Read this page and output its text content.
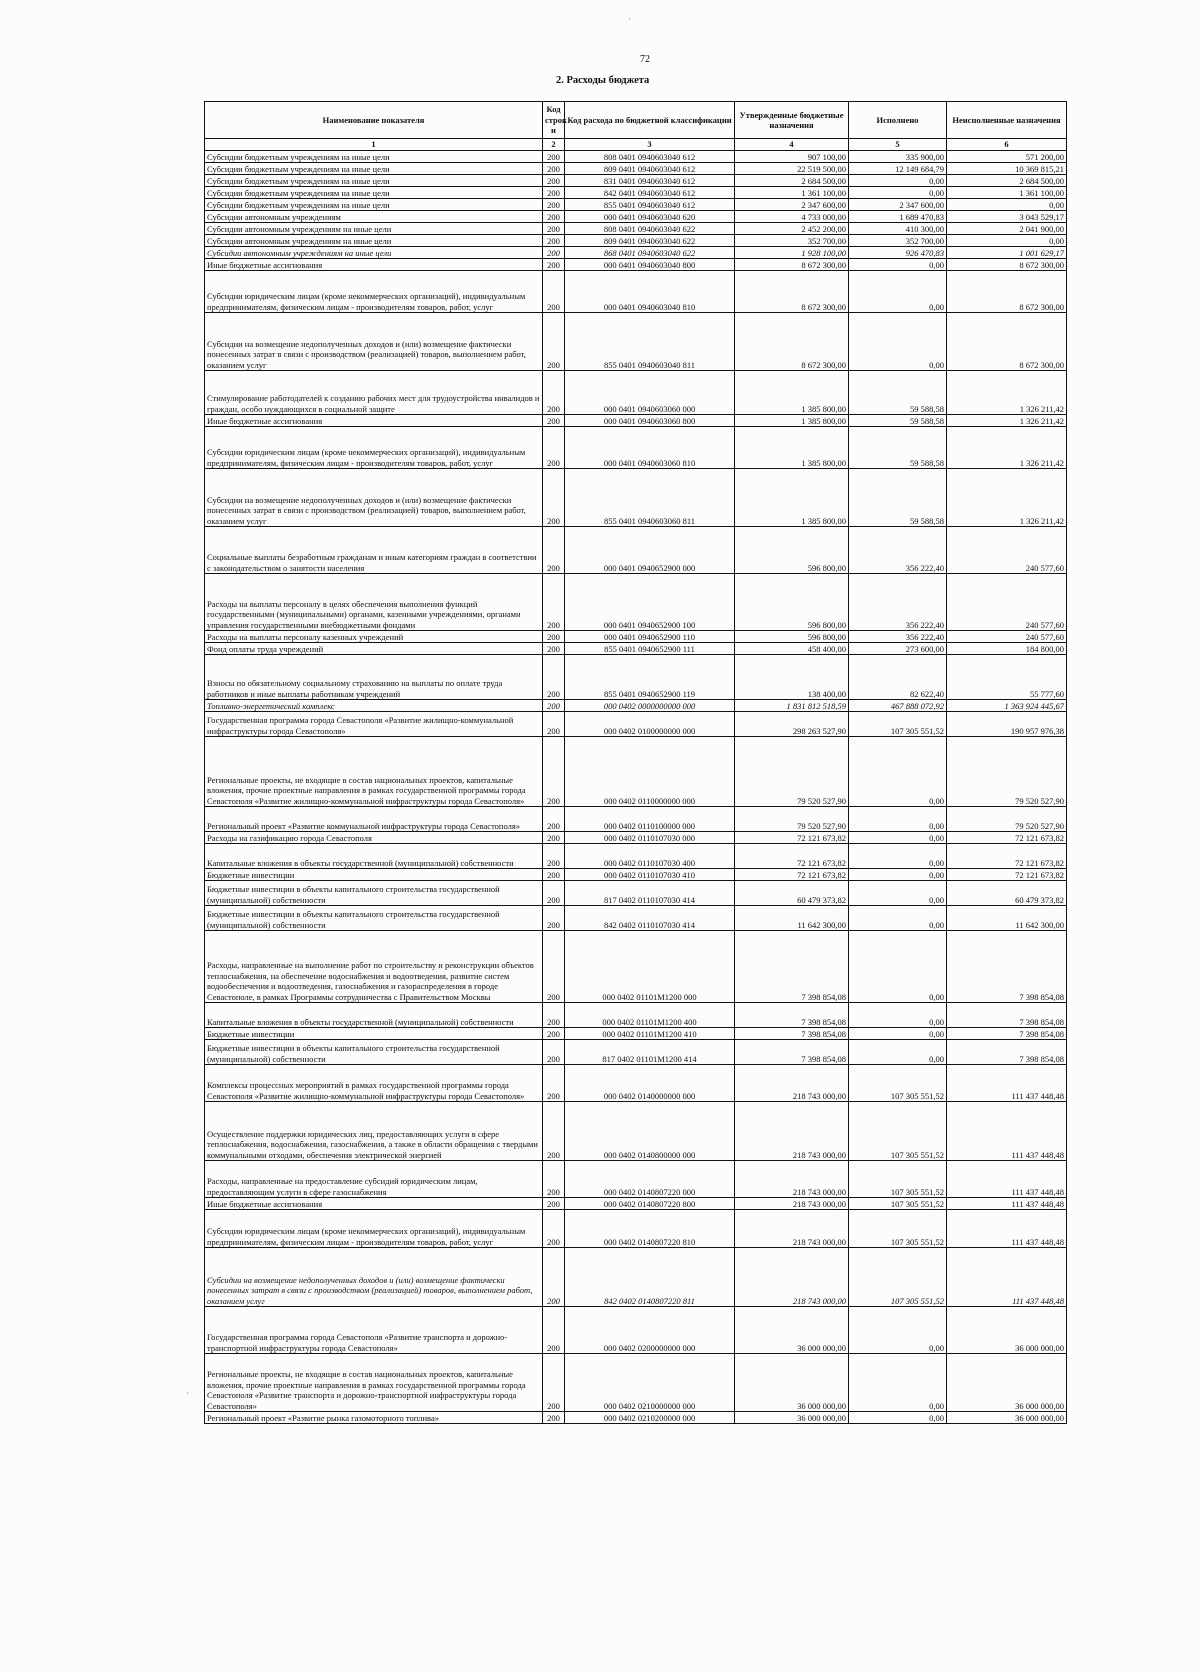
72
2. Расходы бюджета
Наименование показателя	Код строк и	Код расхода по бюджетной классификации	Утвержденные бюджетные назначения	Исполнено	Неисполненные назначения
1	2	3	4	5	6
Субсидии бюджетным учреждениям на иные цели	200	808 0401 0940603040 612	907 100,00	335 900,00	571 200,00
Субсидии бюджетным учреждениям на иные цели	200	809 0401 0940603040 612	22 519 500,00	12 149 684,79	10 369 815,21
Субсидии бюджетным учреждениям на иные цели	200	831 0401 0940603040 612	2 684 500,00	0,00	2 684 500,00
Субсидии бюджетным учреждениям на иные цели	200	842 0401 0940603040 612	1 361 100,00	0,00	1 361 100,00
Субсидии бюджетным учреждениям на иные цели	200	855 0401 0940603040 612	2 347 600,00	2 347 600,00	0,00
Субсидии автономным учреждениям	200	000 0401 0940603040 620	4 733 000,00	1 689 470,83	3 043 529,17
Субсидии автономным учреждениям на иные цели	200	808 0401 0940603040 622	2 452 200,00	410 300,00	2 041 900,00
Субсидии автономным учреждениям на иные цели	200	809 0401 0940603040 622	352 700,00	352 700,00	0,00
Субсидии автономным учреждениям на иные цели	200	868 0401 0940603040 622	1 928 100,00	926 470,83	1 001 629,17
Иные бюджетные ассигнования	200	000 0401 0940603040 800	8 672 300,00	0,00	8 672 300,00
Субсидии юридическим лицам (кроме некоммерческих организаций), индивидуальным предпринимателям, физическим лицам - производителям товаров, работ, услуг	200	000 0401 0940603040 810	8 672 300,00	0,00	8 672 300,00
Субсидии на возмещение недополученных доходов и (или) возмещение фактически понесенных затрат в связи с производством (реализацией) товаров, выполнением работ, оказанием услуг	200	855 0401 0940603040 811	8 672 300,00	0,00	8 672 300,00
Стимулирование работодателей к созданию рабочих мест для трудоустройства инвалидов и граждан, особо нуждающихся в социальной защите	200	000 0401 0940603060 000	1 385 800,00	59 588,58	1 326 211,42
Иные бюджетные ассигнования	200	000 0401 0940603060 800	1 385 800,00	59 588,58	1 326 211,42
Субсидии юридическим лицам (кроме некоммерческих организаций), индивидуальным предпринимателям, физическим лицам - производителям товаров, работ, услуг	200	000 0401 0940603060 810	1 385 800,00	59 588,58	1 326 211,42
Субсидии на возмещение недополученных доходов и (или) возмещение фактически понесенных затрат в связи с производством (реализацией) товаров, выполнением работ, оказанием услуг	200	855 0401 0940603060 811	1 385 800,00	59 588,58	1 326 211,42
Социальные выплаты безработным гражданам и иным категориям граждан в соответствии с законодательством о занятости населения	200	000 0401 0940652900 000	596 800,00	356 222,40	240 577,60
Расходы на выплаты персоналу в целях обеспечения выполнения функций государственными (муниципальными) органами, казенными учреждениями, органами управления государственными внебюджетными фондами	200	000 0401 0940652900 100	596 800,00	356 222,40	240 577,60
Расходы на выплаты персоналу казенных учреждений	200	000 0401 0940652900 110	596 800,00	356 222,40	240 577,60
Фонд оплаты труда учреждений	200	855 0401 0940652900 111	458 400,00	273 600,00	184 800,00
Взносы по обязательному социальному страхованию на выплаты по оплате труда работников и иные выплаты работникам учреждений	200	855 0401 0940652900 119	138 400,00	82 622,40	55 777,60
Топливно-энергетический комплекс	200	000 0402 0000000000 000	1 831 812 518,59	467 888 072,92	1 363 924 445,67
Государственная программа города Севастополя «Развитие жилищно-коммунальной инфраструктуры города Севастополя»	200	000 0402 0100000000 000	298 263 527,90	107 305 551,52	190 957 976,38
Региональные проекты, не входящие в состав национальных проектов, капитальные вложения, прочие проектные направления в рамках государственной программы города Севастополя «Развитие жилищно-коммунальной инфраструктуры города Севастополя»	200	000 0402 0110000000 000	79 520 527,90	0,00	79 520 527,90
Региональный проект «Развитие коммунальной инфраструктуры города Севастополя»	200	000 0402 0110100000 000	79 520 527,90	0,00	79 520 527,90
Расходы на газификацию города Севастополя	200	000 0402 0110107030 000	72 121 673,82	0,00	72 121 673,82
Капитальные вложения в объекты государственной (муниципальной) собственности	200	000 0402 0110107030 400	72 121 673,82	0,00	72 121 673,82
Бюджетные инвестиции	200	000 0402 0110107030 410	72 121 673,82	0,00	72 121 673,82
Бюджетные инвестиции в объекты капитального строительства государственной (муниципальной) собственности	200	817 0402 0110107030 414	60 479 373,82	0,00	60 479 373,82
Бюджетные инвестиции в объекты капитального строительства государственной (муниципальной) собственности	200	842 0402 0110107030 414	11 642 300,00	0,00	11 642 300,00
Расходы, направленные на выполнение работ по строительству и реконструкции объектов теплоснабжения, на обеспечение водоснабжения и водоотведения, развитие систем водообеспечения и водоотведения, газоснабжения и газораспределения в городе Севастополе, в рамках Программы сотрудничества с Правительством Москвы	200	000 0402 01101M1200 000	7 398 854,08	0,00	7 398 854,08
Капитальные вложения в объекты государственной (муниципальной) собственности	200	000 0402 01101M1200 400	7 398 854,08	0,00	7 398 854,08
Бюджетные инвестиции	200	000 0402 01101M1200 410	7 398 854,08	0,00	7 398 854,08
Бюджетные инвестиции в объекты капитального строительства государственной (муниципальной) собственности	200	817 0402 01101M1200 414	7 398 854,08	0,00	7 398 854,08
Комплексы процессных мероприятий в рамках государственной программы города Севастополя «Развитие жилищно-коммунальной инфраструктуры города Севастополя»	200	000 0402 0140000000 000	218 743 000,00	107 305 551,52	111 437 448,48
Осуществление поддержки юридических лиц, предоставляющих услуги в сфере теплоснабжения, водоснабжения, газоснабжения, а также в области обращения с твердыми коммунальными отходами, обеспечения электрической энергией	200	000 0402 0140800000 000	218 743 000,00	107 305 551,52	111 437 448,48
Расходы, направленные на предоставление субсидий юридическим лицам, предоставляющим услуги в сфере газоснабжения	200	000 0402 0140807220 000	218 743 000,00	107 305 551,52	111 437 448,48
Иные бюджетные ассигнования	200	000 0402 0140807220 800	218 743 000,00	107 305 551,52	111 437 448,48
Субсидии юридическим лицам (кроме некоммерческих организаций), индивидуальным предпринимателям, физическим лицам - производителям товаров, работ, услуг	200	000 0402 0140807220 810	218 743 000,00	107 305 551,52	111 437 448,48
Субсидии на возмещение недополученных доходов и (или) возмещение фактически понесенных затрат в связи с производством (реализацией) товаров, выполнением работ, оказанием услуг	200	842 0402 0140807220 811	218 743 000,00	107 305 551,52	111 437 448,48
Государственная программа города Севастополя «Развитие транспорта и дорожно-транспортной инфраструктуры города Севастополя»	200	000 0402 0200000000 000	36 000 000,00	0,00	36 000 000,00
Региональные проекты, не входящие в состав национальных проектов, капитальные вложения, прочие проектные направления в рамках государственной программы города Севастополя «Развитие транспорта и дорожно-транспортной инфраструктуры города Севастополя»	200	000 0402 0210000000 000	36 000 000,00	0,00	36 000 000,00
Региональный проект «Развитие рынка газомоторного топлива»	200	000 0402 0210200000 000	36 000 000,00	0,00	36 000 000,00
·
·
